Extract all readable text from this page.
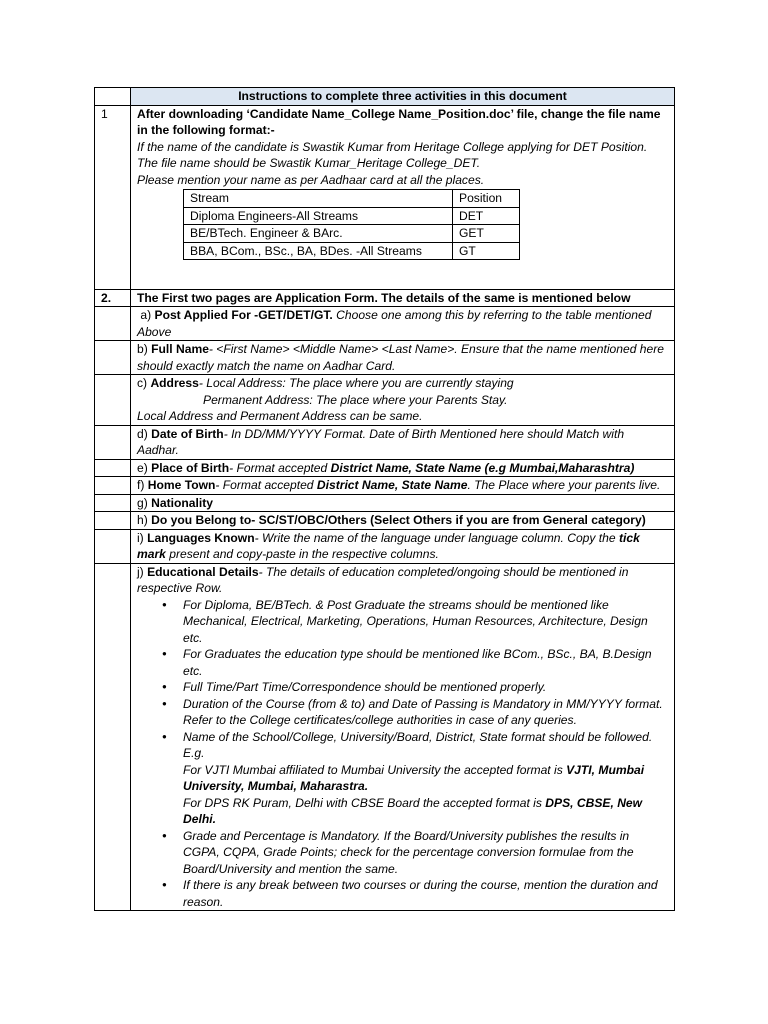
	Instructions to complete three activities in this document
1	After downloading ‘Candidate Name_College Name_Position.doc’ file, change the file name in the following format:-
If the name of the candidate is Swastik Kumar from Heritage College applying for DET Position. The file name should be Swastik Kumar_Heritage College_DET.
Please mention your name as per Aadhaar card at all the places.
Stream	Position
Diploma Engineers-All Streams	DET
BE/BTech. Engineer & BArc.	GET
BBA, BCom., BSc., BA, BDes. -All Streams	GT

2.	The First two pages are Application Form. The details of the same is mentioned below
	a) Post Applied For -GET/DET/GT. Choose one among this by referring to the table mentioned Above
	b) Full Name- <First Name> <Middle Name> <Last Name>. Ensure that the name mentioned here should exactly match the name on Aadhar Card.

c) Address- Local Address: The place where you are currently staying
Permanent Address: The place where your Parents Stay.
Local Address and Permanent Address can be same.

	d) Date of Birth- In DD/MM/YYYY Format. Date of Birth Mentioned here should Match with Aadhar.
	e) Place of Birth- Format accepted District Name, State Name (e.g Mumbai,Maharashtra)
	f) Home Town- Format accepted District Name, State Name. The Place where your parents live.
	g) Nationality
	h) Do you Belong to- SC/ST/OBC/Others (Select Others if you are from General category)
	i) Languages Known- Write the name of the language under language column. Copy the tick mark present and copy-paste in the respective columns.

j) Educational Details- The details of education completed/ongoing should be mentioned in respective Row.
● For Diploma, BE/BTech. & Post Graduate the streams should be mentioned like Mechanical, Electrical, Marketing, Operations, Human Resources, Architecture, Design etc.
● For Graduates the education type should be mentioned like BCom., BSc., BA, B.Design etc.
● Full Time/Part Time/Correspondence should be mentioned properly.
● Duration of the Course (from & to) and Date of Passing is Mandatory in MM/YYYY format. Refer to the College certificates/college authorities in case of any queries.
● Name of the School/College, University/Board, District, State format should be followed. E.g.
For VJTI Mumbai affiliated to Mumbai University the accepted format is VJTI, Mumbai University, Mumbai, Maharastra.
For DPS RK Puram, Delhi with CBSE Board the accepted format is DPS, CBSE, New Delhi.
● Grade and Percentage is Mandatory. If the Board/University publishes the results in CGPA, CQPA, Grade Points; check for the percentage conversion formulae from the Board/University and mention the same.
● If there is any break between two courses or during the course, mention the duration and reason.
